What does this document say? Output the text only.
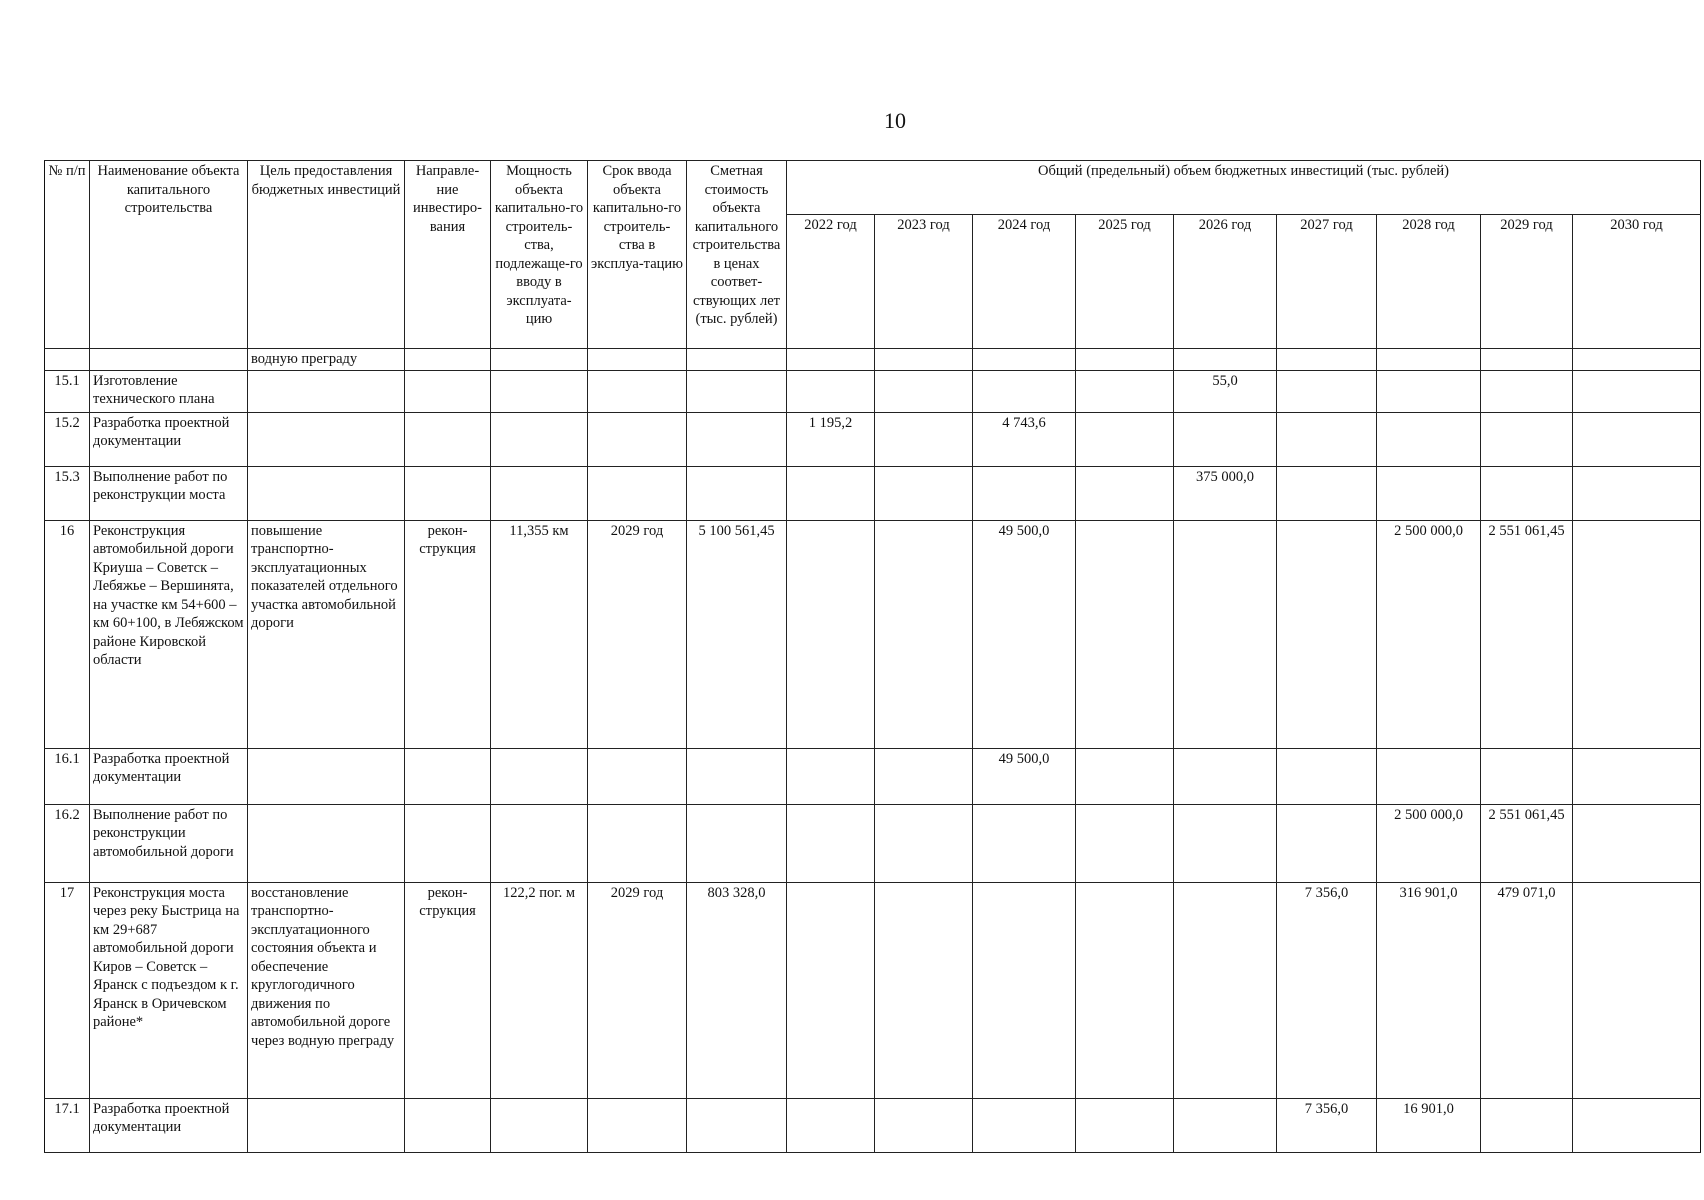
10
№ п/п	Наименование объекта капитального строительства	Цель предоставления бюджетных инвестиций	Направле-ние инвестиро-вания	Мощность объекта капитально-го строитель-ства, подлежаще-го вводу в эксплуата-цию	Срок ввода объекта капитально-го строитель-ства в эксплуа-тацию	Сметная стоимость объекта капитального строительства в ценах соответ-ствующих лет (тыс. рублей)	Общий (предельный) объем бюджетных инвестиций (тыс. рублей)								
							2022 год	2023 год	2024 год	2025 год	2026 год	2027 год	2028 год	2029 год	2030 год
		водную преграду													
15.1	Изготовление технического плана										55,0				
15.2	Разработка проектной документации						1 195,2		4 743,6						
15.3	Выполнение работ по реконструкции моста										375 000,0				
16	Реконструкция автомобильной дороги Криуша – Советск – Лебяжье – Вершинята, на участке км 54+600 – км 60+100, в Лебяжском районе Кировской области	повышение транспортно-эксплуатационных показателей отдельного участка автомобильной дороги	рекон-струкция	11,355 км	2029 год	5 100 561,45			49 500,0				2 500 000,0	2 551 061,45	
16.1	Разработка проектной документации								49 500,0						
16.2	Выполнение работ по реконструкции автомобильной дороги												2 500 000,0	2 551 061,45	
17	Реконструкция моста через реку Быстрица на км 29+687 автомобильной дороги Киров – Советск – Яранск с подъездом к г. Яранск в Оричевском районе*	восстановление транспортно-эксплуатационного состояния объекта и обеспечение круглогодичного движения по автомобильной дороге через водную преграду	рекон-струкция	122,2 пог. м	2029 год	803 328,0						7 356,0	316 901,0	479 071,0	
17.1	Разработка проектной документации											7 356,0	16 901,0		
